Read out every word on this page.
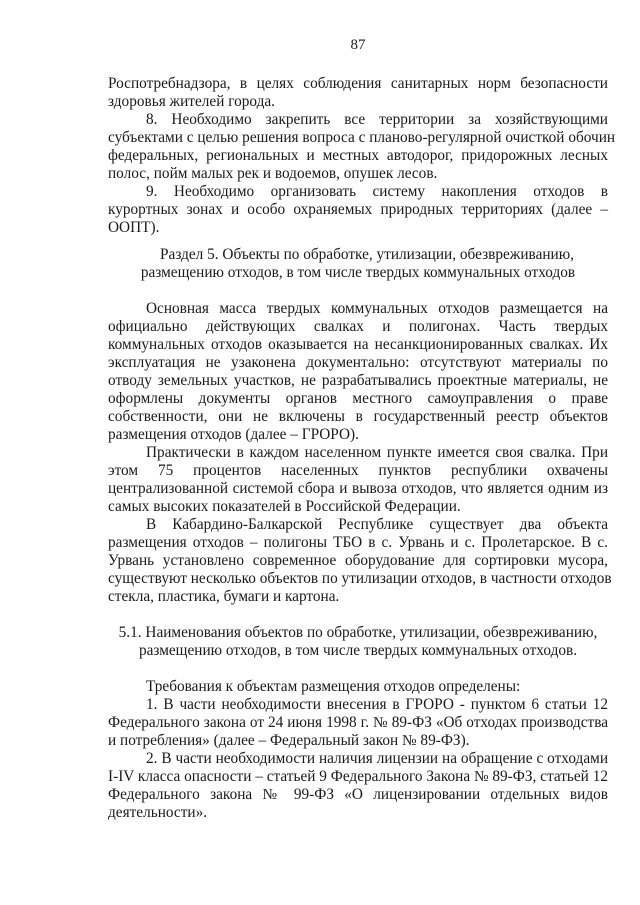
87
Роспотребнадзора, в целях соблюдения санитарных норм безопасности
здоровья жителей города.
8. Необходимо закрепить все территории за хозяйствующими
субъектами с целью решения вопроса с планово-регулярной очисткой обочин
федеральных, региональных и местных автодорог, придорожных лесных
полос, пойм малых рек и водоемов, опушек лесов.
9. Необходимо организовать систему накопления отходов в
курортных зонах и особо охраняемых природных территориях (далее –
ООПТ).
Раздел 5. Объекты по обработке, утилизации, обезвреживанию,
размещению отходов, в том числе твердых коммунальных отходов
Основная масса твердых коммунальных отходов размещается на
официально действующих свалках и полигонах. Часть твердых
коммунальных отходов оказывается на несанкционированных свалках. Их
эксплуатация не узаконена документально: отсутствуют материалы по
отводу земельных участков, не разрабатывались проектные материалы, не
оформлены документы органов местного самоуправления о праве
собственности, они не включены в государственный реестр объектов
размещения отходов (далее – ГРОРО).
Практически в каждом населенном пункте имеется своя свалка. При
этом 75 процентов населенных пунктов республики охвачены
централизованной системой сбора и вывоза отходов, что является одним из
самых высоких показателей в Российской Федерации.
В Кабардино-Балкарской Республике существует два объекта
размещения отходов – полигоны ТБО в с. Урвань и с. Пролетарское. В с.
Урвань установлено современное оборудование для сортировки мусора,
существуют несколько объектов по утилизации отходов, в частности отходов
стекла, пластика, бумаги и картона.
5.1. Наименования объектов по обработке, утилизации, обезвреживанию,
размещению отходов, в том числе твердых коммунальных отходов.
Требования к объектам размещения отходов определены:
1. В части необходимости внесения в ГРОРО - пунктом 6 статьи 12
Федерального закона от 24 июня 1998 г. № 89-ФЗ «Об отходах производства
и потребления» (далее – Федеральный закон № 89-ФЗ).
2. В части необходимости наличия лицензии на обращение с отходами
I-IV класса опасности – статьей 9 Федерального Закона № 89-ФЗ, статьей 12
Федерального закона № 99-ФЗ «О лицензировании отдельных видов
деятельности».
